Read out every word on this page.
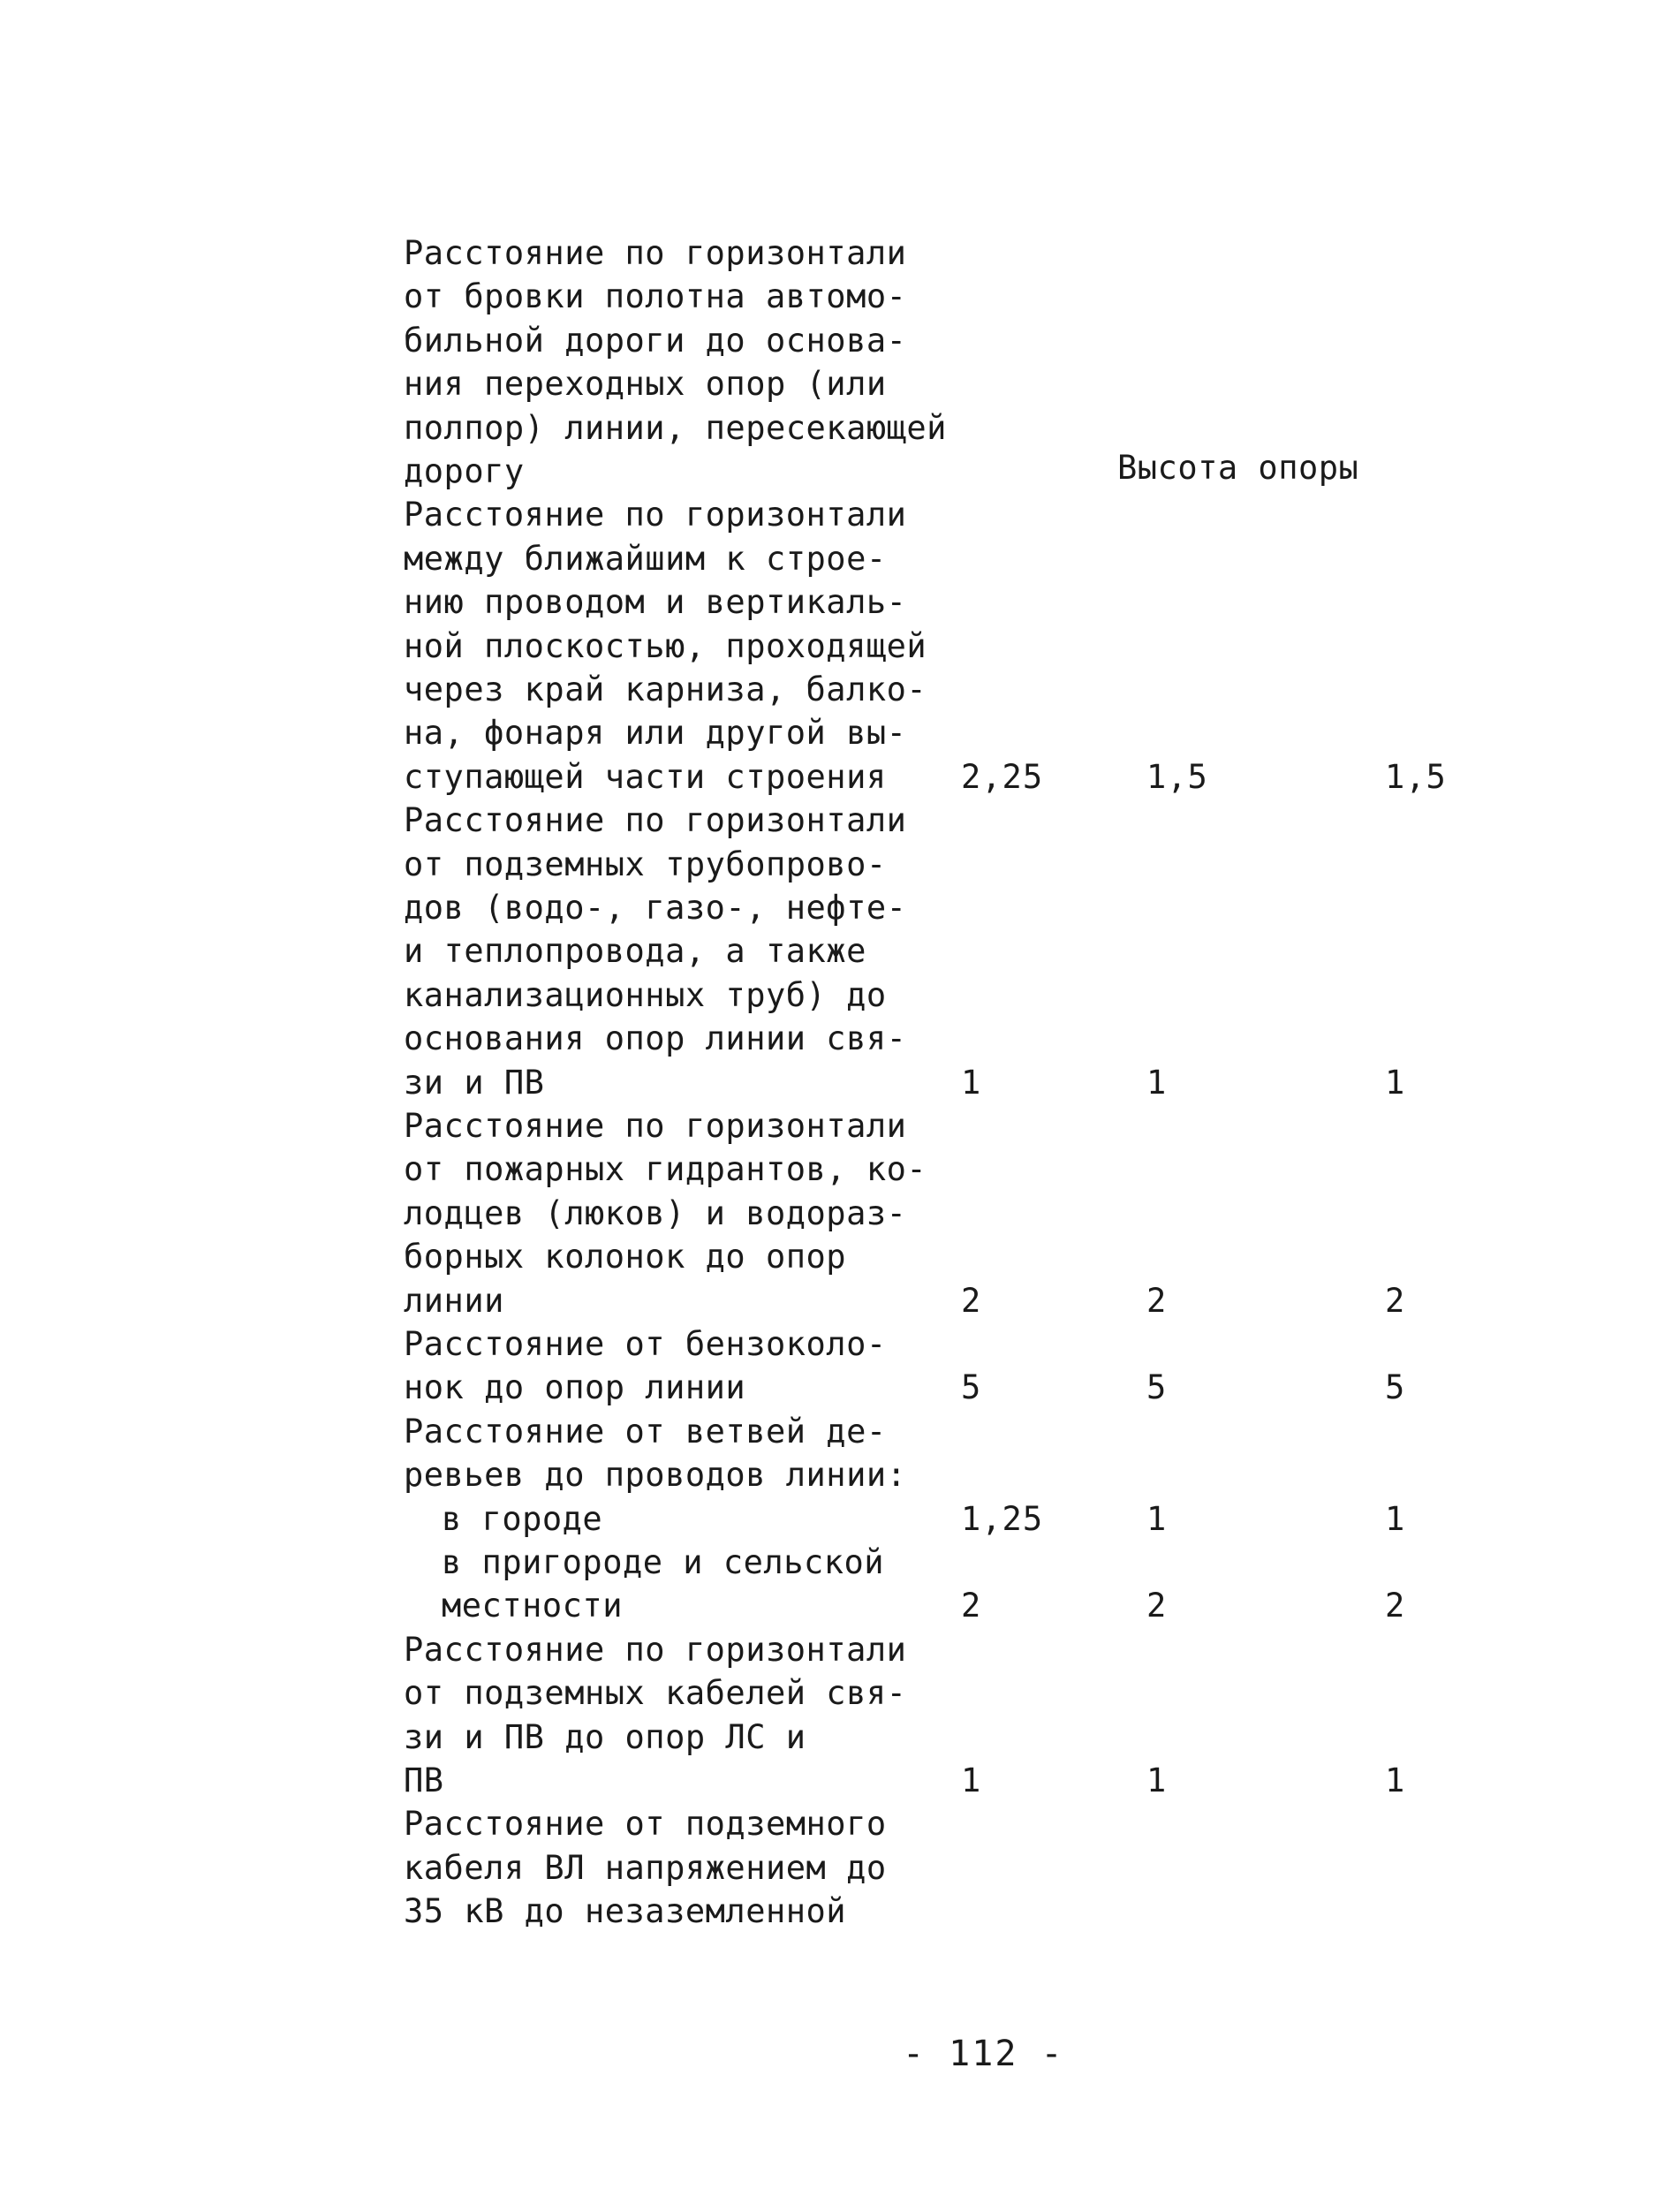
Высота опоры
Расстояние по горизонтали
от бровки полотна автомо-
бильной дороги до основа-
ния переходных опор (или
полпор) линии, пересекающей
дорогу
Расстояние по горизонтали
между ближайшим к строе-
нию проводом и вертикаль-
ной плоскостью, проходящей
через край карниза, балко-
на, фонаря или другой вы-
ступающей части строения 2,25	1,5	1,5
Расстояние по горизонтали
от подземных трубопрово-
дов (водо-, газо-, нефте-
и теплопровода, а также
канализационных труб) до
основания опор линии свя-
зи и ПВ	1	1	1
Расстояние по горизонтали
от пожарных гидрантов, ко-
лодцев (люков) и водораз-
борных колонок до опор
линии	2	2	2
Расстояние от бензоколо-
нок до опор линии	5	5	5
Расстояние от ветвей де-
ревьев до проводов линии:
в городе	1,25	1	1
в пригороде и сельской
местности	2	2	2
Расстояние по горизонтали
от подземных кабелей свя-
зи и ПВ до опор ЛС и
ПВ	1	1	1
Расстояние от подземного
кабеля ВЛ напряжением до
35 кВ до незаземленной
- 112 -
